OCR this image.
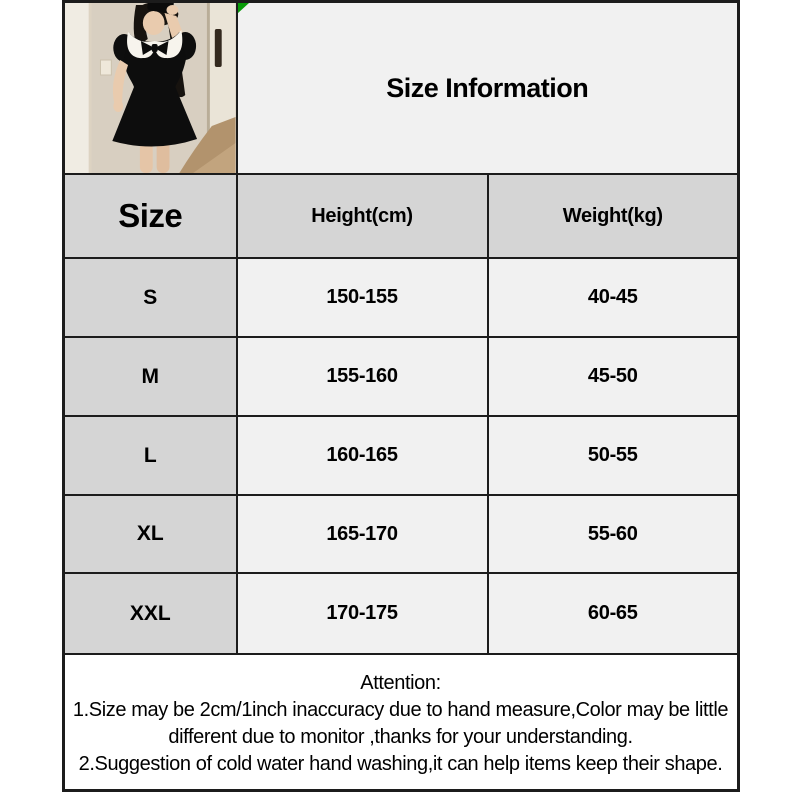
Size Information	
Size	Height(cm)	Weight(kg)
S	150-155	40-45
M	155-160	45-50
L	160-165	50-55
XL	165-170	55-60
XXL	170-175	60-65

Attention:
1.Size may be 2cm/1inch inaccuracy due to hand measure,Color may be little different due to monitor ,thanks for your understanding.
2.Suggestion of cold water hand washing,it can help items keep their shape.		
